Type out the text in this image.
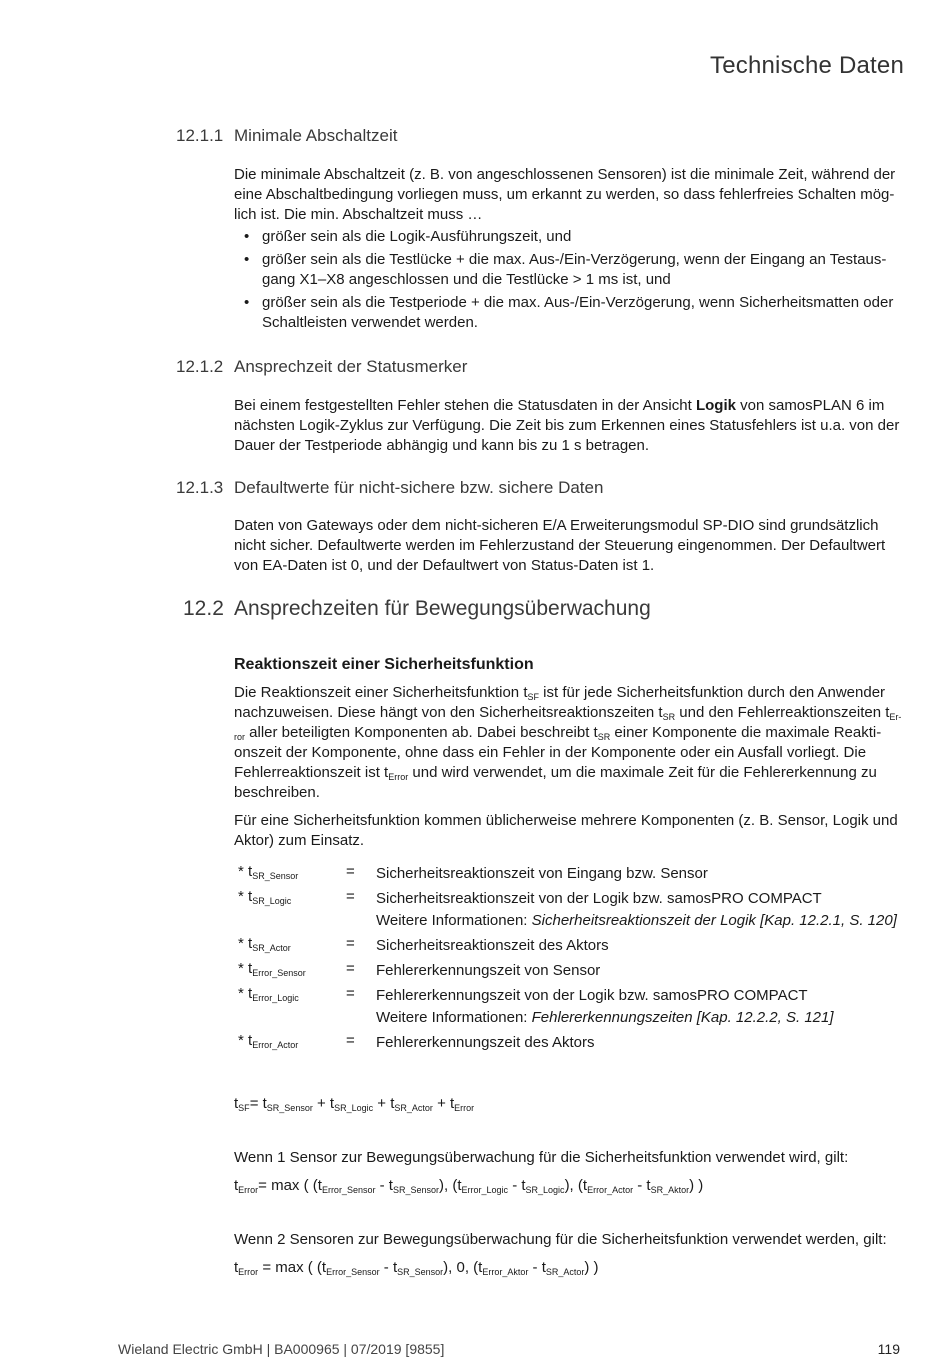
Technische Daten
12.1.1 Minimale Abschaltzeit

Die minimale Abschaltzeit (z. B. von angeschlossenen Sensoren) ist die minimale Zeit, während der eine Abschaltbedingung vorliegen muss, um erkannt zu werden, so dass fehlerfreies Schalten möglich ist. Die min. Abschaltzeit muss …

• größer sein als die Logik-Ausführungszeit, und
• größer sein als die Testlücke + die max. Aus-/Ein-Verzögerung, wenn der Eingang an Testausgang X1–X8 angeschlossen und die Testlücke > 1 ms ist, und
• größer sein als die Testperiode + die max. Aus-/Ein-Verzögerung, wenn Sicherheitsmatten oder Schaltleisten verwendet werden.
12.1.2 Ansprechzeit der Statusmerker

Bei einem festgestellten Fehler stehen die Statusdaten in der Ansicht Logik von samosPLAN 6 im nächsten Logik-Zyklus zur Verfügung. Die Zeit bis zum Erkennen eines Statusfehlers ist u.a. von der Dauer der Testperiode abhängig und kann bis zu 1 s betragen.

12.1.3 Defaultwerte für nicht-sichere bzw. sichere Daten

Daten von Gateways oder dem nicht-sicheren E/A Erweiterungsmodul SP-DIO sind grundsätzlich nicht sicher. Defaultwerte werden im Fehlerzustand der Steuerung eingenommen. Der Defaultwert von EA-Daten ist 0, und der Defaultwert von Status-Daten ist 1.

12.2 Ansprechzeiten für Bewegungsüberwachung
Reaktionszeit einer Sicherheitsfunktion

Die Reaktionszeit einer Sicherheitsfunktion $t_{SF}$ ist für jede Sicherheitsfunktion durch den Anwender nachzuweisen. Diese hängt von den Sicherheitsreaktionszeiten $t_{SR}$ und den Fehlerreaktionszeiten $t_{Er-}$ $_{ror}$ aller beteiligten Komponenten ab. Dabei beschreibt $t_{SR}$ einer Komponente die maximale Reaktionszeit der Komponente, ohne dass ein Fehler in der Komponente oder ein Ausfall vorliegt. Die Fehlerreaktionszeit ist $t_{Error}$ und wird verwendet, um die maximale Zeit für die Fehlererkennung zu beschreiben.

Für eine Sicherheitsfunktion kommen üblicherweise mehrere Komponenten (z. B. Sensor, Logik und Aktor) zum Einsatz.

* $t_{SR\_Sensor}$	= Sicherheitsreaktionszeit von Eingang bzw. Sensor
* $t_{SR\_Logic}$	= Sicherheitsreaktionszeit von der Logik bzw. samosPRO COMPACT
Weitere Informationen: Sicherheitsreaktionszeit der Logik [Kap. 12.2.1, S. 120]
* $t_{SR\_Actor}$	= Sicherheitsreaktionszeit des Aktors
* $t_{Error\_Sensor}$	= Fehlererkennungszeit von Sensor
* $t_{Error\_Logic}$	= Fehlererkennungszeit von der Logik bzw. samosPRO COMPACT
Weitere Informationen: Fehlererkennungszeiten [Kap. 12.2.2, S. 121]
* $t_{Error\_Actor}$	= Fehlererkennungszeit des Aktors
$t_{SF}= t_{SR\_Sensor} + t_{SR\_Logic} + t_{SR\_Actor} + t_{Error}$
Wenn 1 Sensor zur Bewegungsüberwachung für die Sicherheitsfunktion verwendet wird, gilt:
$t_{Error}= \max$ ( $(t_{Error\_Sensor} - t_{SR\_Sensor})$, $(t_{Error\_Logic} - t_{SR\_Logic})$, $(t_{Error\_Actor} - t_{SR\_Aktor})$ )
Wenn 2 Sensoren zur Bewegungsüberwachung für die Sicherheitsfunktion verwendet werden, gilt:
$t_{Error} = \max$ ( $(t_{Error\_Sensor} - t_{SR\_Sensor})$, 0, $(t_{Error\_Aktor} - t_{SR\_Actor})$ )
Wieland Electric GmbH | BA000965 | 07/2019 [9855]	119
